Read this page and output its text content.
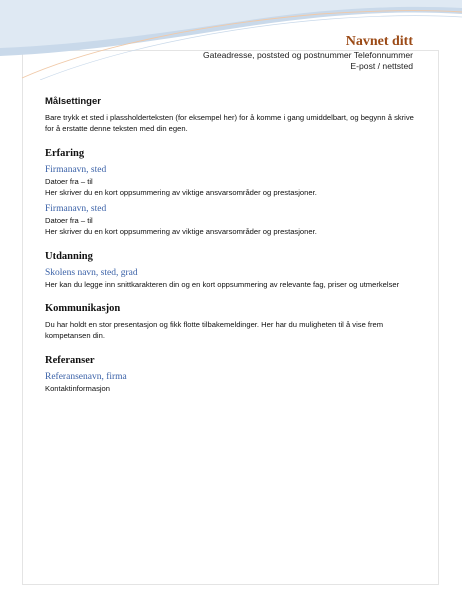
Navnet ditt
Gateadresse, poststed og postnummer Telefonnummer
E-post / nettsted
Målsettinger
Bare trykk et sted i plassholderteksten (for eksempel her) for å komme i gang umiddelbart, og begynn å skrive for å erstatte denne teksten med din egen.
Erfaring
Firmanavn, sted
Datoer fra – til
Her skriver du en kort oppsummering av viktige ansvarsområder og prestasjoner.
Firmanavn, sted
Datoer fra – til
Her skriver du en kort oppsummering av viktige ansvarsområder og prestasjoner.
Utdanning
Skolens navn, sted, grad
Her kan du legge inn snittkarakteren din og en kort oppsummering av relevante fag, priser og utmerkelser
Kommunikasjon
Du har holdt en stor presentasjon og fikk flotte tilbakemeldinger. Her har du muligheten til å vise frem kompetansen din.
Referanser
Referansenavn, firma
Kontaktinformasjon
